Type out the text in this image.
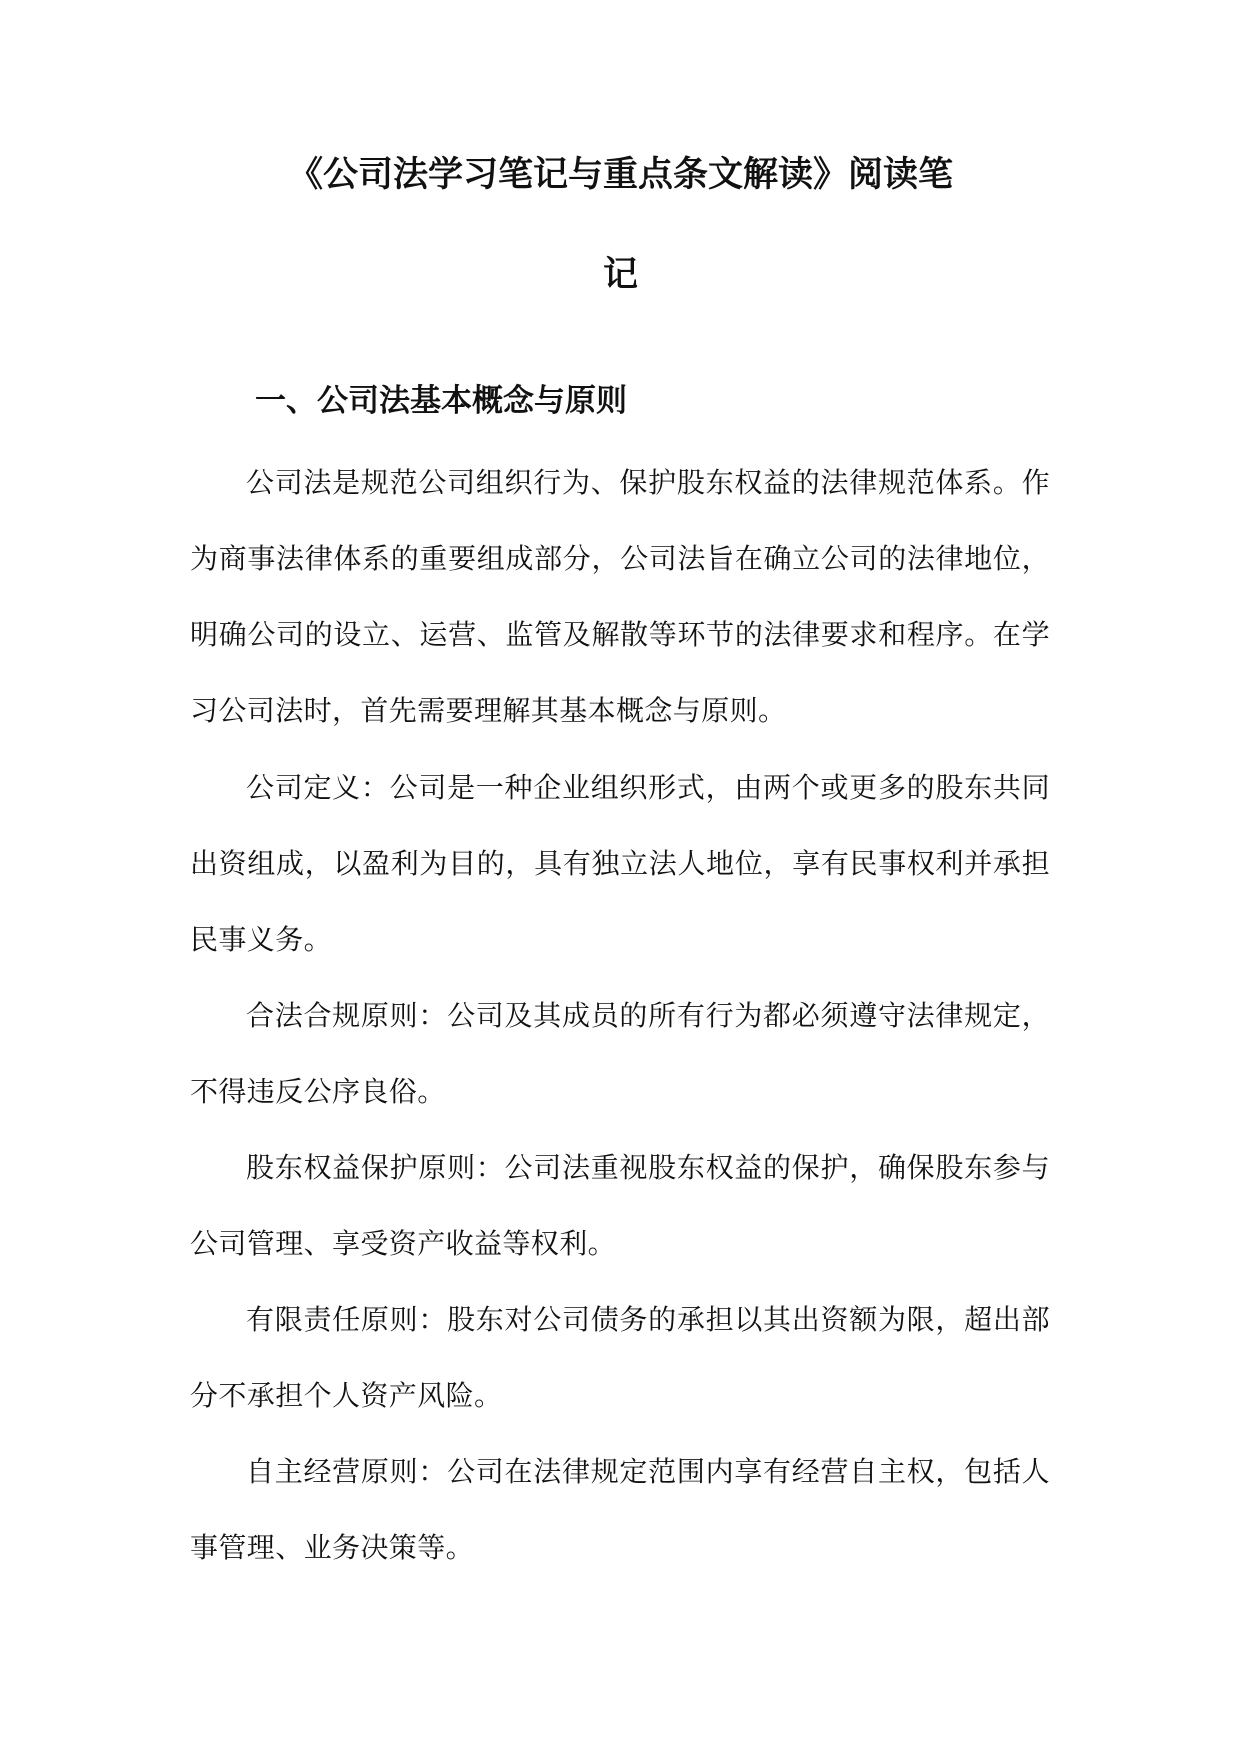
《公司法学习笔记与重点条文解读》阅读笔
记
一、公司法基本概念与原则

公司法是规范公司组织行为、保护股东权益的法律规范体系。作为商事法律体系的重要组成部分，公司法旨在确立公司的法律地位，明确公司的设立、运营、监管及解散等环节的法律要求和程序。在学习公司法时，首先需要理解其基本概念与原则。

公司定义：公司是一种企业组织形式，由两个或更多的股东共同出资组成，以盈利为目的，具有独立法人地位，享有民事权利并承担民事义务。

合法合规原则：公司及其成员的所有行为都必须遵守法律规定，不得违反公序良俗。

股东权益保护原则：公司法重视股东权益的保护，确保股东参与公司管理、享受资产收益等权利。

有限责任原则：股东对公司债务的承担以其出资额为限，超出部分不承担个人资产风险。

自主经营原则：公司在法律规定范围内享有经营自主权，包括人事管理、业务决策等。
